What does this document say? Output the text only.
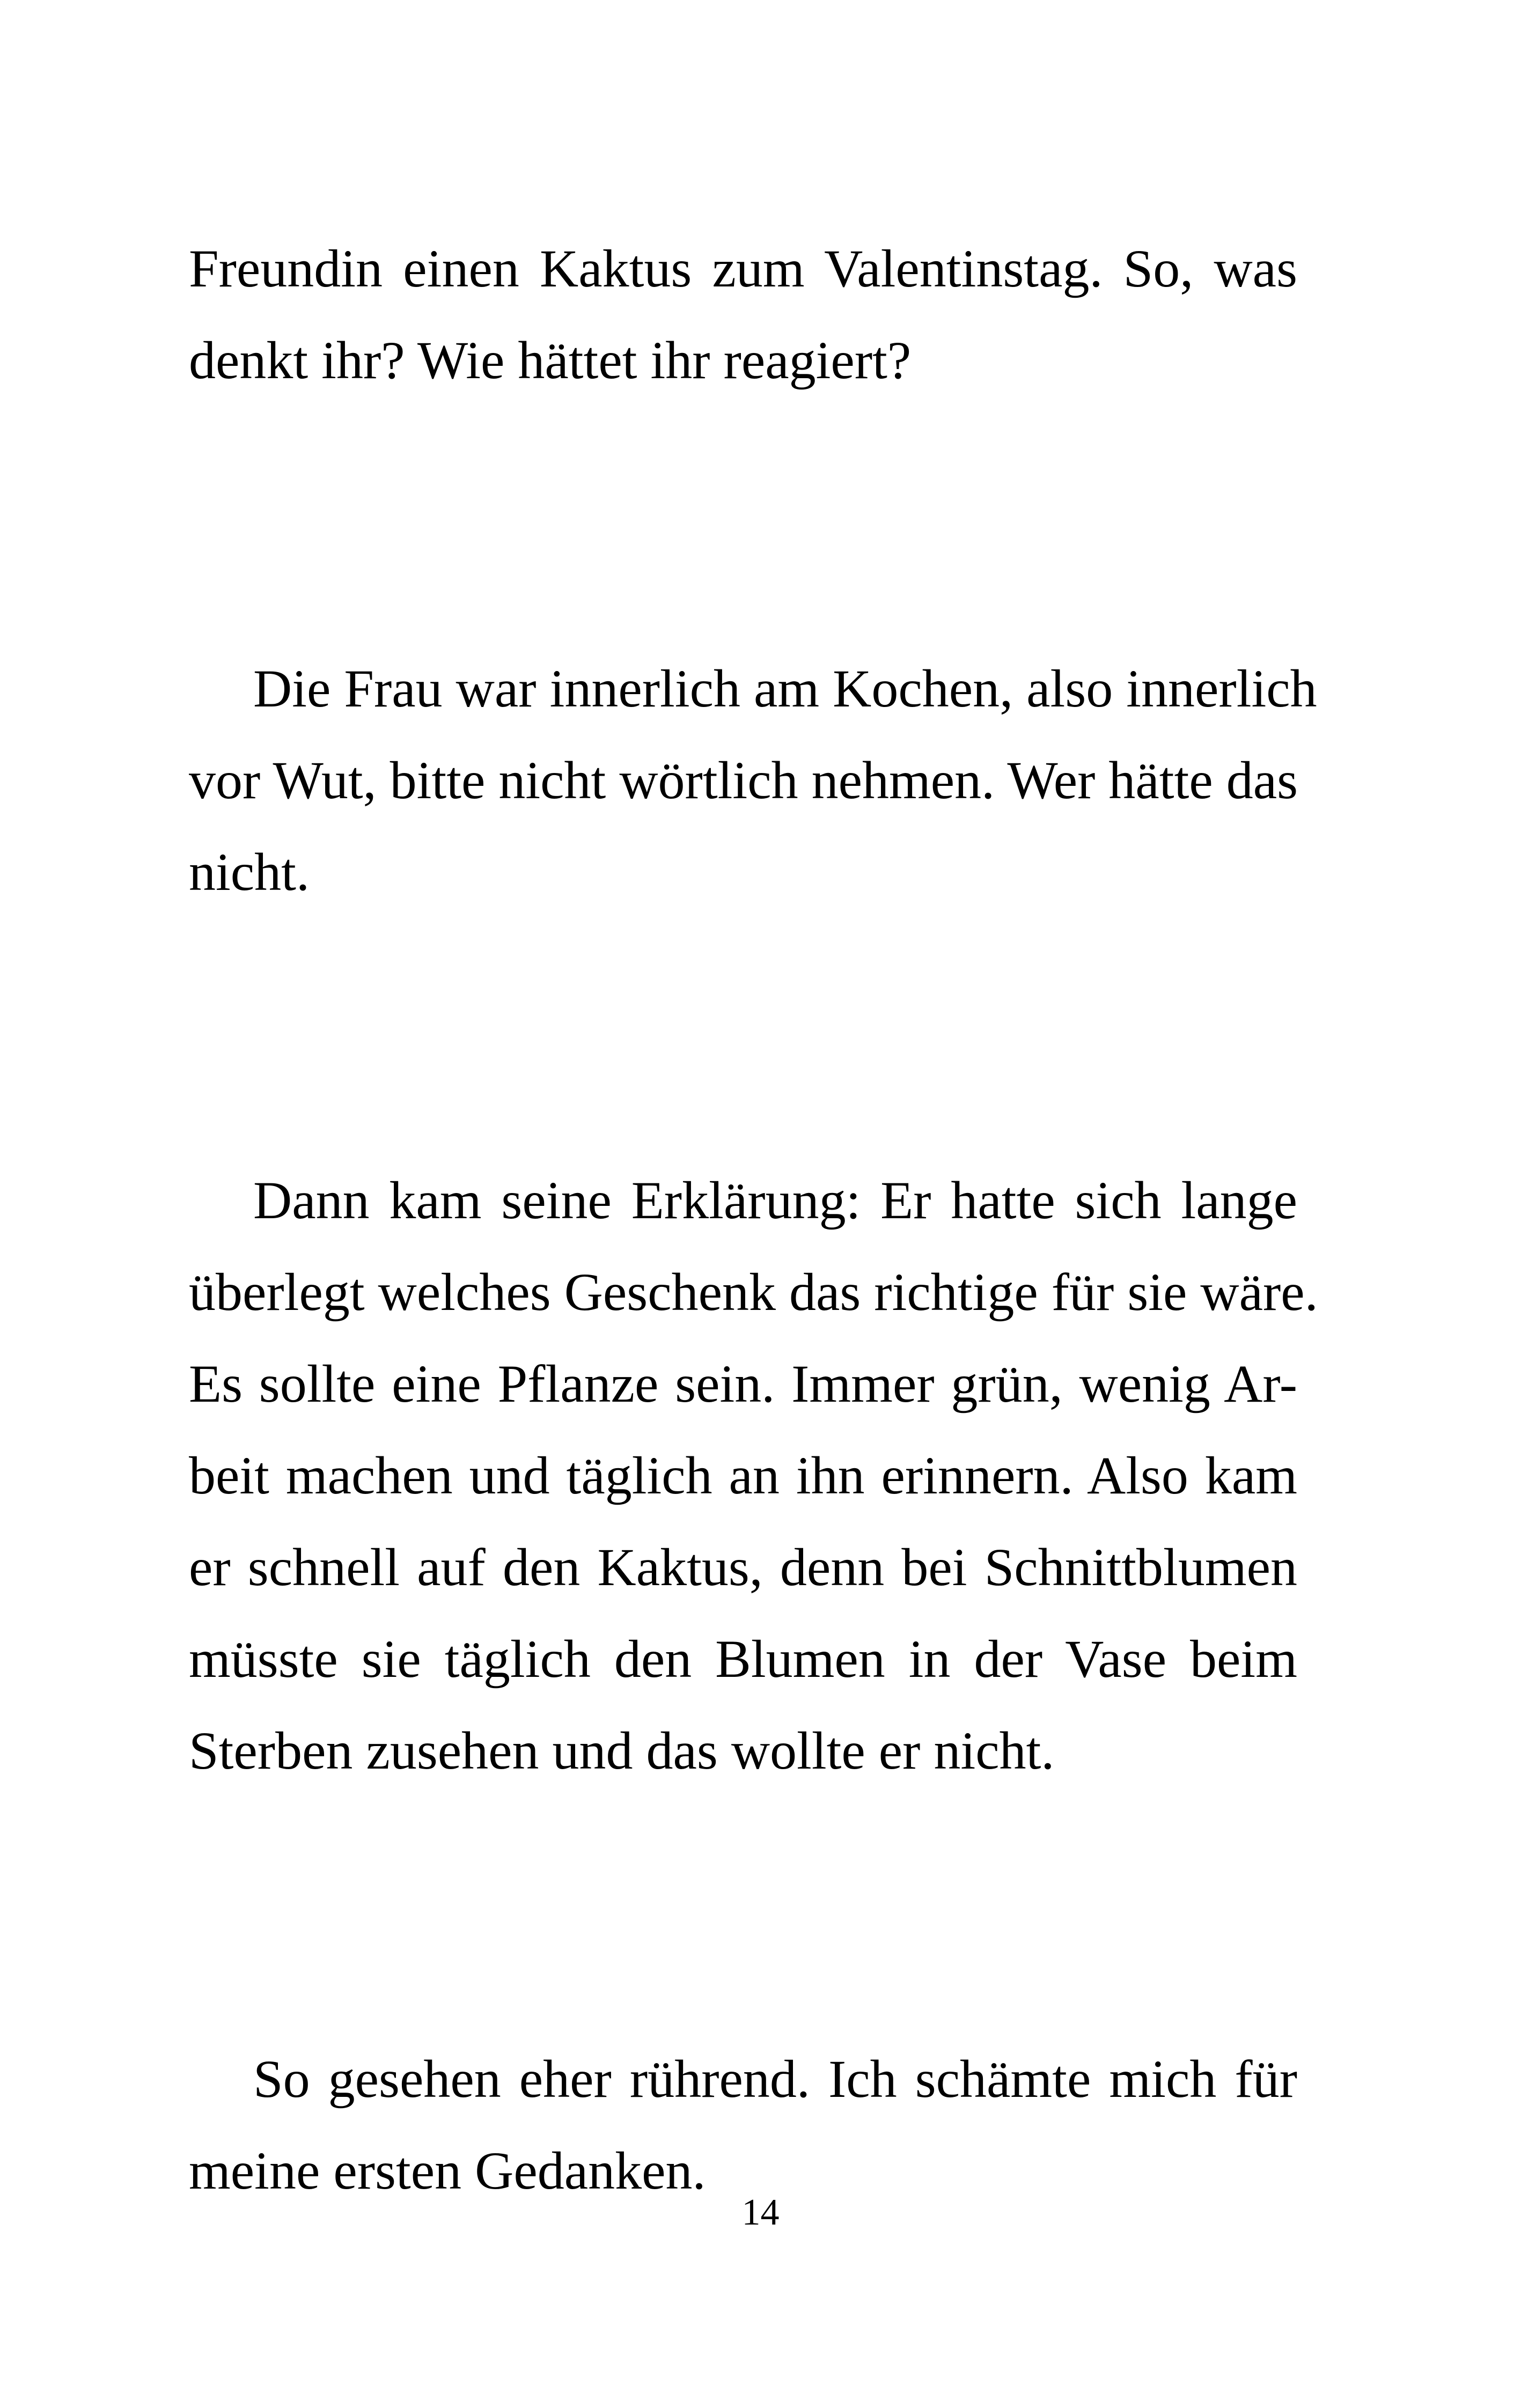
Freundin einen Kaktus zum Valentinstag. So, was
denkt ihr? Wie hättet ihr reagiert?
Die Frau war innerlich am Kochen, also innerlich
vor Wut, bitte nicht wörtlich nehmen. Wer hätte das
nicht.
Dann kam seine Erklärung: Er hatte sich lange
überlegt welches Geschenk das richtige für sie wäre.
Es sollte eine Pflanze sein. Immer grün, wenig Ar-
beit machen und täglich an ihn erinnern. Also kam
er schnell auf den Kaktus, denn bei Schnittblumen
müsste sie täglich den Blumen in der Vase beim
Sterben zusehen und das wollte er nicht.
So gesehen eher rührend. Ich schämte mich für
meine ersten Gedanken.
14
